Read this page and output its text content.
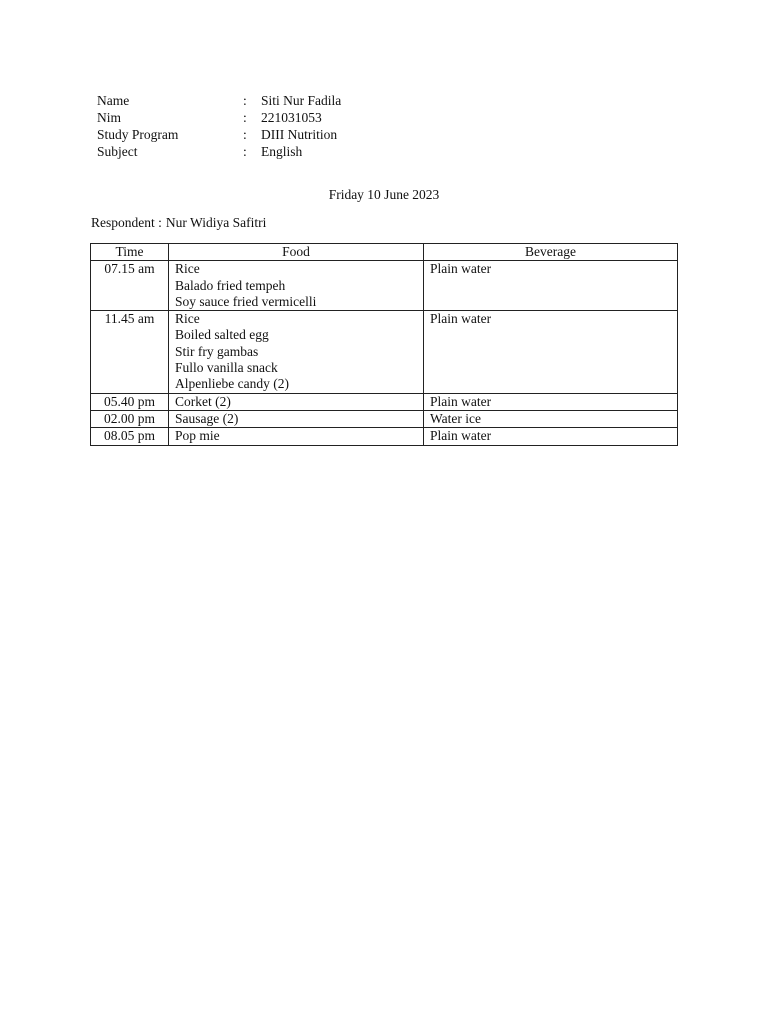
Name	:	Siti Nur Fadila
Nim	:	221031053
Study Program	:	DIII Nutrition
Subject	:	English
Friday 10 June 2023
Respondent : Nur Widiya Safitri
Time	Food	Beverage
07.15 am	Rice
Balado fried tempeh
Soy sauce fried vermicelli	Plain water
11.45 am	Rice
Boiled salted egg
Stir fry gambas
Fullo vanilla snack
Alpenliebe candy (2)	Plain water
05.40 pm	Corket (2)	Plain water
02.00 pm	Sausage (2)	Water ice
08.05 pm	Pop mie	Plain water
